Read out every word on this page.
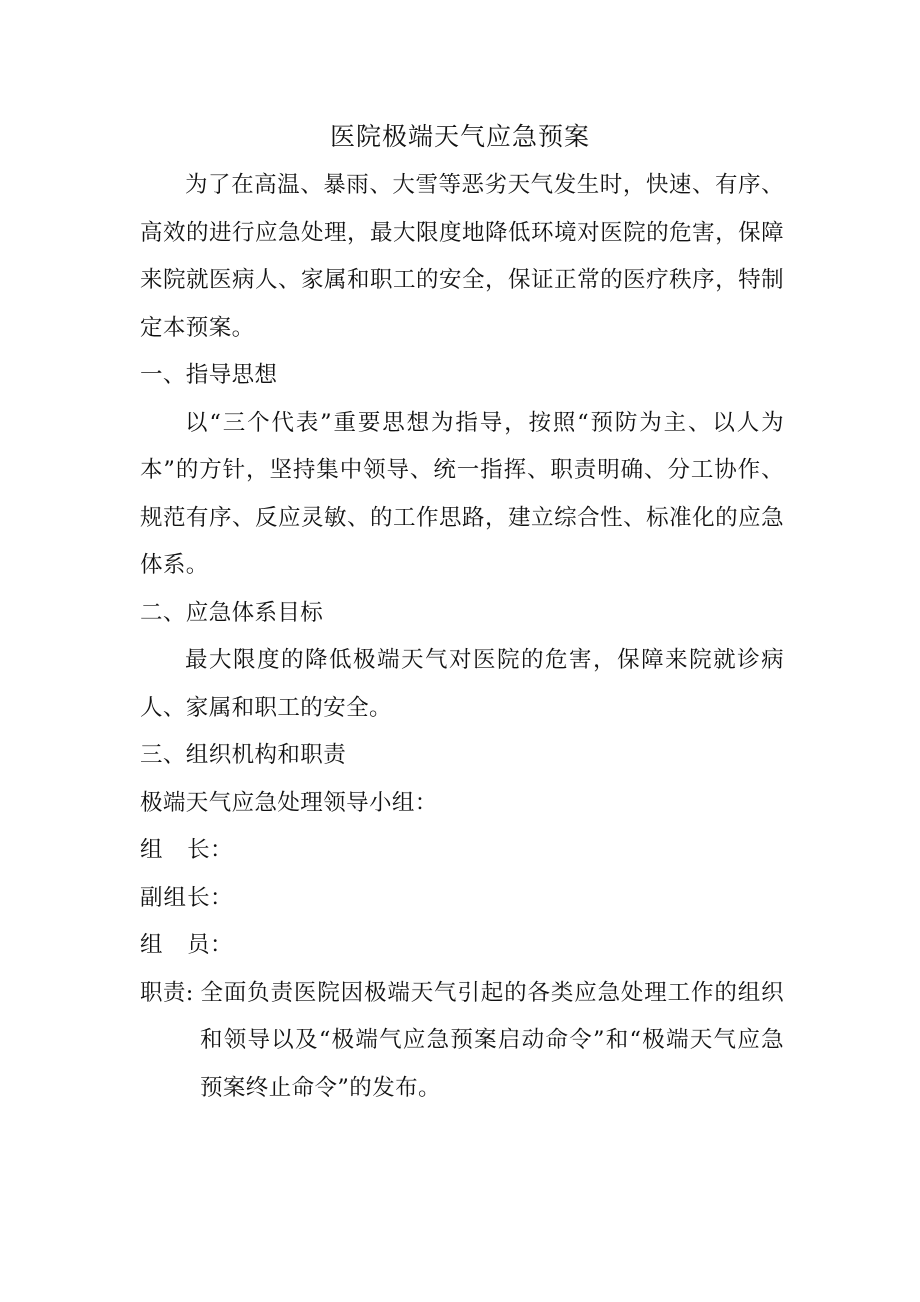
医院极端天气应急预案

为了在高温、暴雨、大雪等恶劣天气发生时，快速、有序、高效的进行应急处理，最大限度地降低环境对医院的危害，保障来院就医病人、家属和职工的安全，保证正常的医疗秩序，特制定本预案。

一、指导思想

以“三个代表”重要思想为指导，按照“预防为主、以人为本”的方针，坚持集中领导、统一指挥、职责明确、分工协作、规范有序、反应灵敏、的工作思路，建立综合性、标准化的应急体系。

二、应急体系目标

最大限度的降低极端天气对医院的危害，保障来院就诊病人、家属和职工的安全。

三、组织机构和职责

极端天气应急处理领导小组：

组长 ：

副组长 ：

组员 ：

职责: 全面负责医院因极端天气引起的各类应急处理工作的组织和领导以及“极端气应急预案启动命令”和“极端天气应急预案终止命令”的发布。
